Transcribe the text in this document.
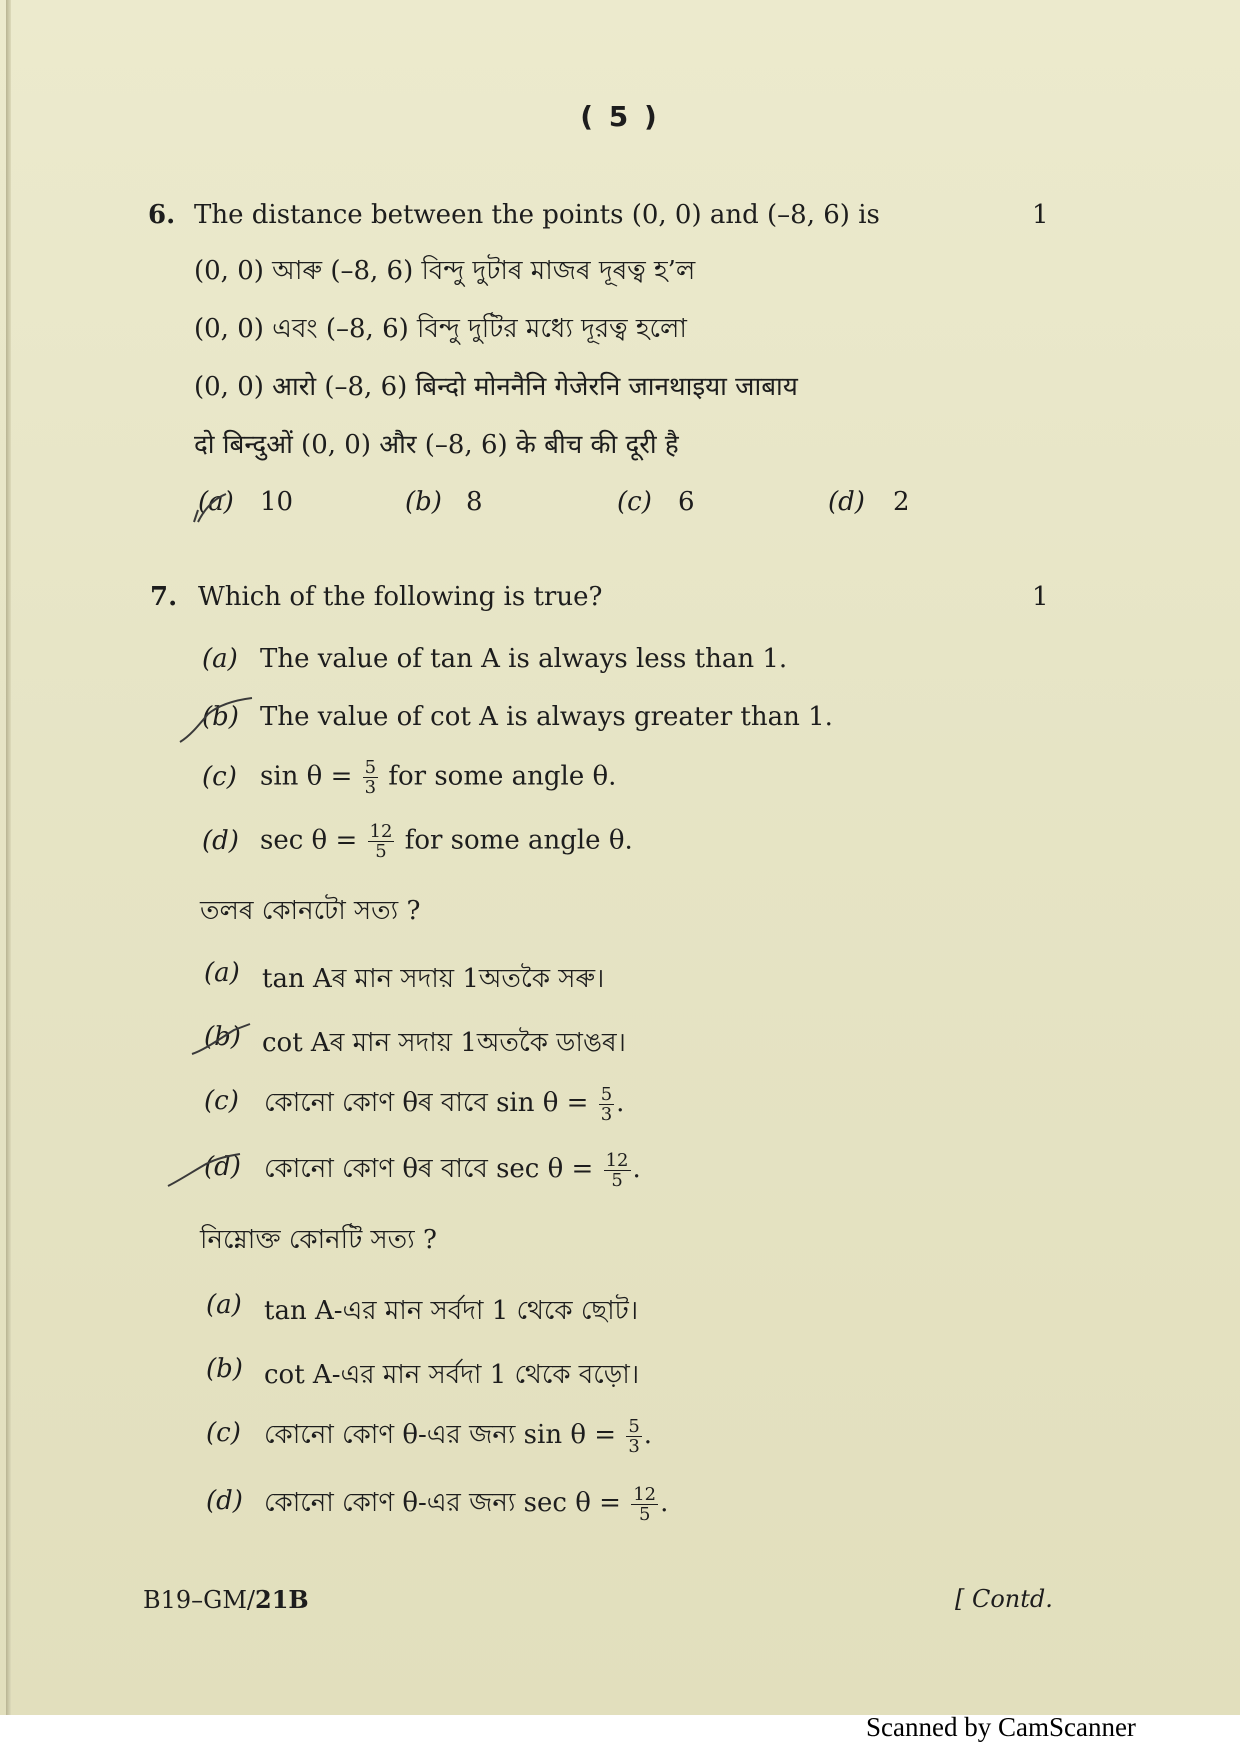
( 5 )
6. The distance between the points (0, 0) and (–8, 6) is	1
(0, 0) আৰু (–8, 6) বিন্দু দুটাৰ মাজৰ দূৰত্ব হ’ল
(0, 0) এবং (–8, 6) বিন্দু দুটির মধ্যে দূরত্ব হলো
(0, 0) आरो (–8, 6) बिन्दो मोननैनि गेजेरनि जानथाइया जाबाय
दो बिन्दुओं (0, 0) और (–8, 6) के बीच की दूरी है
(a) 10	(b) 8	(c) 6	(d) 2
7. Which of the following is true?	1
(a) The value of tan A is always less than 1.
(b) The value of cot A is always greater than 1.
(c) $\sin \theta = \frac{5}{3}$ for some angle θ.
(d) $\sec \theta = \frac{12}{5}$ for some angle θ.
তলৰ কোনটো সত্য ?
(a) tan Aৰ মান সদায় 1অতকৈ সৰু।
(b) cot Aৰ মান সদায় 1অতকৈ ডাঙৰ।
(c) কোনো কোণ θৰ বাবে $\sin \theta = \frac{5}{3}$ .
(d) কোনো কোণ θৰ বাবে $\sec \theta = \frac{12}{5}$ .
নিম্নোক্ত কোনটি সত্য ?
(a) tan A-এর মান সর্বদা 1 থেকে ছোট।
(b) cot A-এর মান সর্বদা 1 থেকে বড়ো।
(c) কোনো কোণ θ-এর জন্য $\sin \theta = \frac{5}{3}$ .
(d) কোনো কোণ θ-এর জন্য $\sec \theta = \frac{12}{5}$ .
B19–GM/21B	[ Contd.
Scanned by CamScanner
